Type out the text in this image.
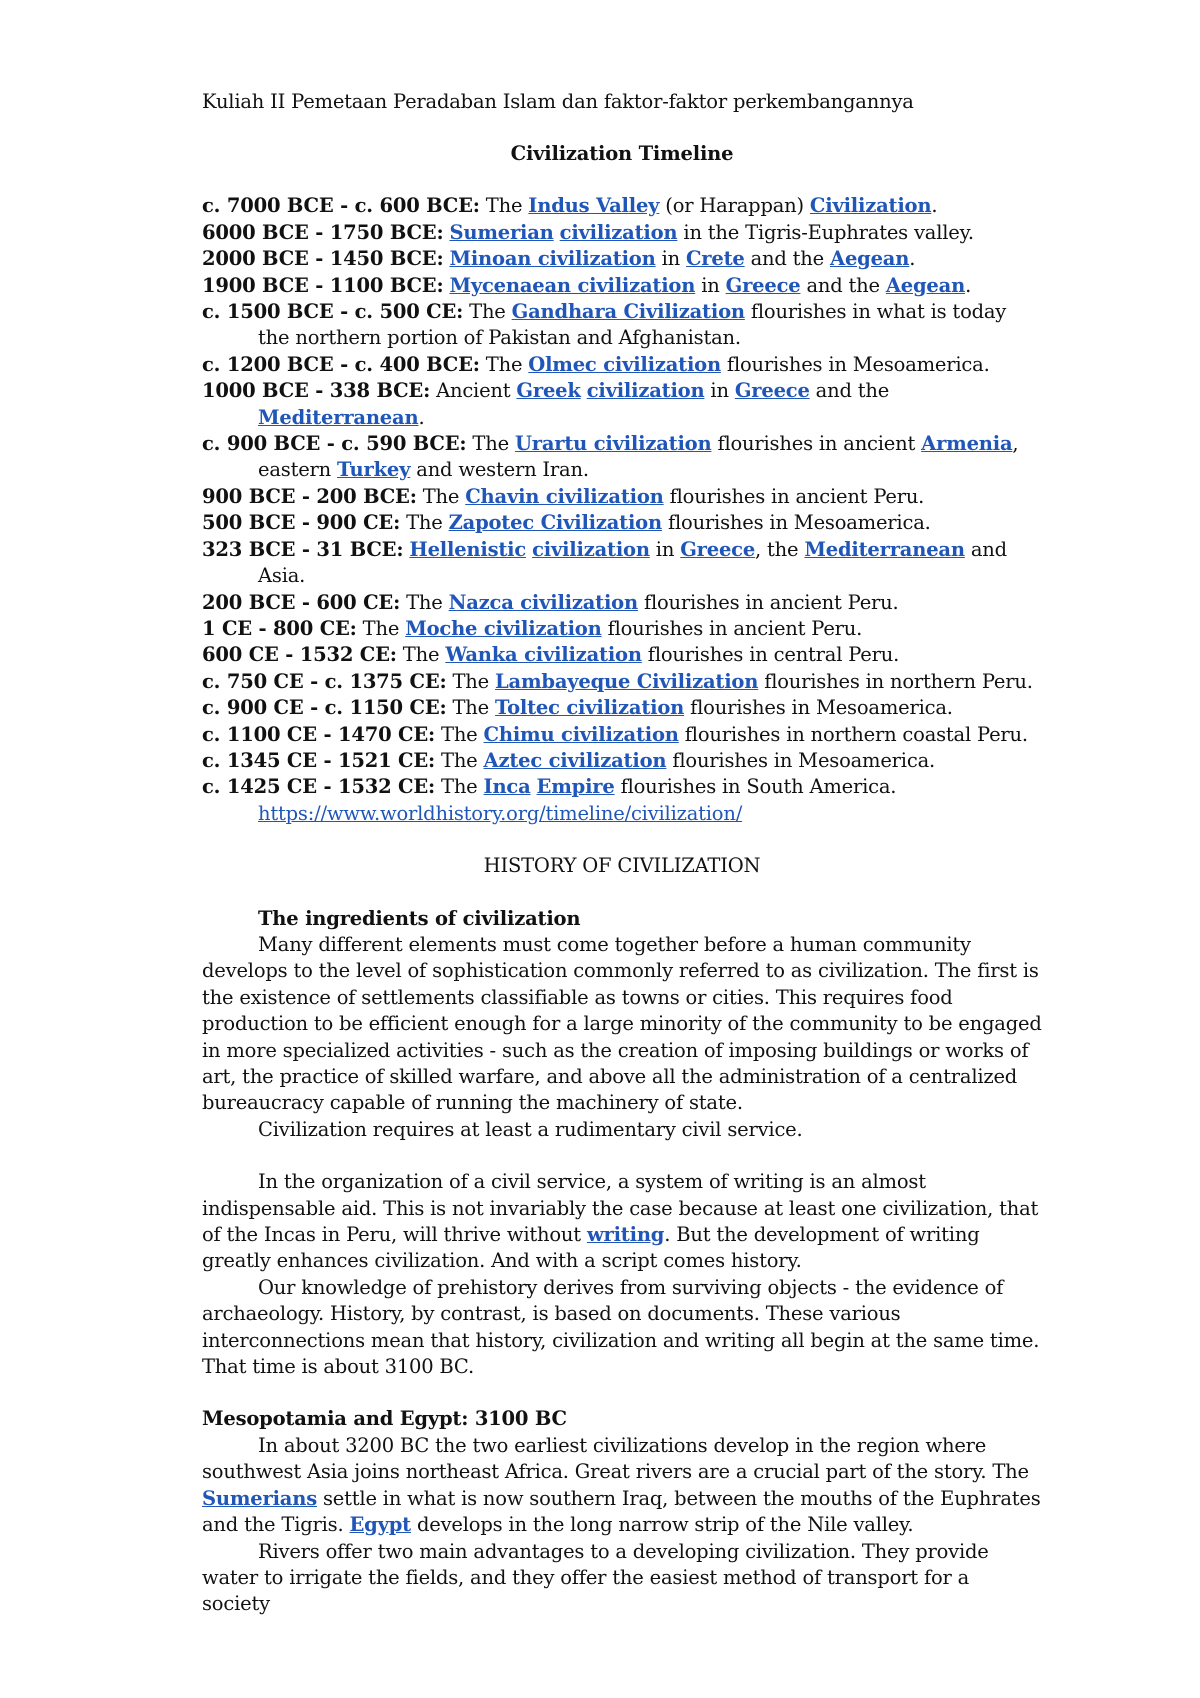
Kuliah II Pemetaan Peradaban Islam dan faktor-faktor perkembangannya

Civilization Timeline

c. 7000 BCE - c. 600 BCE: The Indus Valley (or Harappan) Civilization.

6000 BCE - 1750 BCE: Sumerian civilization in the Tigris-Euphrates valley.

2000 BCE - 1450 BCE: Minoan civilization in Crete and the Aegean.

1900 BCE - 1100 BCE: Mycenaean civilization in Greece and the Aegean.

c. 1500 BCE - c. 500 CE: The Gandhara Civilization flourishes in what is today the northern portion of Pakistan and Afghanistan.

c. 1200 BCE - c. 400 BCE: The Olmec civilization flourishes in Mesoamerica.

1000 BCE - 338 BCE: Ancient Greek civilization in Greece and the Mediterranean.

c. 900 BCE - c. 590 BCE: The Urartu civilization flourishes in ancient Armenia, eastern Turkey and western Iran.

900 BCE - 200 BCE: The Chavin civilization flourishes in ancient Peru.

500 BCE - 900 CE: The Zapotec Civilization flourishes in Mesoamerica.

323 BCE - 31 BCE: Hellenistic civilization in Greece, the Mediterranean and Asia.

200 BCE - 600 CE: The Nazca civilization flourishes in ancient Peru.

1 CE - 800 CE: The Moche civilization flourishes in ancient Peru.

600 CE - 1532 CE: The Wanka civilization flourishes in central Peru.

c. 750 CE - c. 1375 CE: The Lambayeque Civilization flourishes in northern Peru.

c. 900 CE - c. 1150 CE: The Toltec civilization flourishes in Mesoamerica.

c. 1100 CE - 1470 CE: The Chimu civilization flourishes in northern coastal Peru.

c. 1345 CE - 1521 CE: The Aztec civilization flourishes in Mesoamerica.

c. 1425 CE - 1532 CE: The Inca Empire flourishes in South America.

https://www.worldhistory.org/timeline/civilization/

HISTORY OF CIVILIZATION

The ingredients of civilization

Many different elements must come together before a human community develops to the level of sophistication commonly referred to as civilization. The first is the existence of settlements classifiable as towns or cities. This requires food production to be efficient enough for a large minority of the community to be engaged in more specialized activities - such as the creation of imposing buildings or works of art, the practice of skilled warfare, and above all the administration of a centralized bureaucracy capable of running the machinery of state.

Civilization requires at least a rudimentary civil service.

In the organization of a civil service, a system of writing is an almost indispensable aid. This is not invariably the case because at least one civilization, that of the Incas in Peru, will thrive without writing. But the development of writing greatly enhances civilization. And with a script comes history.

Our knowledge of prehistory derives from surviving objects - the evidence of archaeology. History, by contrast, is based on documents. These various interconnections mean that history, civilization and writing all begin at the same time. That time is about 3100 BC.

Mesopotamia and Egypt: 3100 BC

In about 3200 BC the two earliest civilizations develop in the region where southwest Asia joins northeast Africa. Great rivers are a crucial part of the story. The Sumerians settle in what is now southern Iraq, between the mouths of the Euphrates and the Tigris. Egypt develops in the long narrow strip of the Nile valley.

Rivers offer two main advantages to a developing civilization. They provide water to irrigate the fields, and they offer the easiest method of transport for a society
